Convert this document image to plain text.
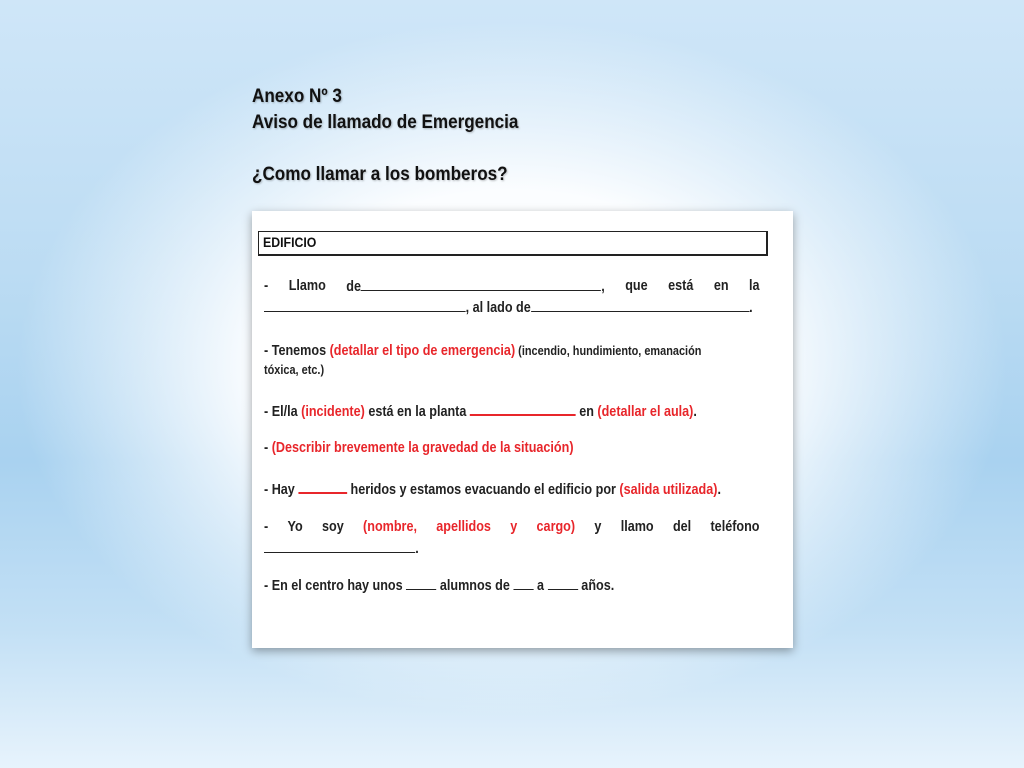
Anexo Nº 3
Aviso de llamado de Emergencia
¿Como llamar a los bomberos?
EDIFICIO
- Llamo de	, que está en la
, al lado de	.
- Tenemos (detallar el tipo de emergencia) (incendio, hundimiento, emanación
tóxica, etc.)
- El/la (incidente) está en la planta	en (detallar el aula).
- (Describir brevemente la gravedad de la situación)
- Hay	heridos y estamos evacuando el edificio por (salida utilizada).
- Yo soy (nombre, apellidos y cargo) y llamo del teléfono
.
- En el centro hay unos  alumnos de  a  años.
